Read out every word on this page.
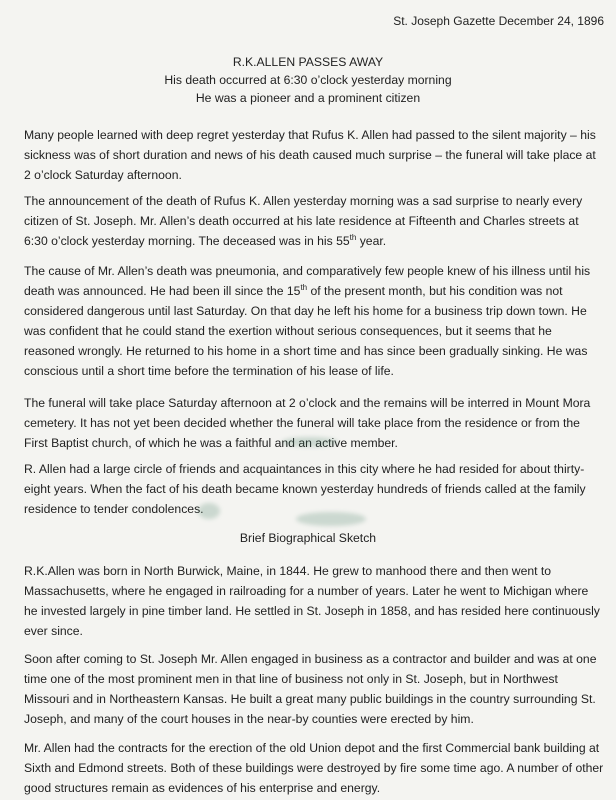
St. Joseph Gazette December 24, 1896
R.K.ALLEN PASSES AWAY
His death occurred at 6:30 o’clock yesterday morning
He was a pioneer and a prominent citizen

Many people learned with deep regret yesterday that Rufus K. Allen had passed to the silent majority – his sickness was of short duration and news of his death caused much surprise – the funeral will take place at 2 o’clock Saturday afternoon.

The announcement of the death of Rufus K. Allen yesterday morning was a sad surprise to nearly every citizen of St. Joseph. Mr. Allen’s death occurred at his late residence at Fifteenth and Charles streets at 6:30 o’clock yesterday morning. The deceased was in his 55th year.

The cause of Mr. Allen’s death was pneumonia, and comparatively few people knew of his illness until his death was announced. He had been ill since the 15th of the present month, but his condition was not considered dangerous until last Saturday. On that day he left his home for a business trip down town. He was confident that he could stand the exertion without serious consequences, but it seems that he reasoned wrongly. He returned to his home in a short time and has since been gradually sinking. He was conscious until a short time before the termination of his lease of life.

The funeral will take place Saturday afternoon at 2 o’clock and the remains will be interred in Mount Mora cemetery. It has not yet been decided whether the funeral will take place from the residence or from the First Baptist church, of which he was a faithful and an active member.

R. Allen had a large circle of friends and acquaintances in this city where he had resided for about thirty-eight years. When the fact of his death became known yesterday hundreds of friends called at the family residence to tender condolences.

Brief Biographical Sketch

R.K.Allen was born in North Burwick, Maine, in 1844. He grew to manhood there and then went to Massachusetts, where he engaged in railroading for a number of years. Later he went to Michigan where he invested largely in pine timber land. He settled in St. Joseph in 1858, and has resided here continuously ever since.

Soon after coming to St. Joseph Mr. Allen engaged in business as a contractor and builder and was at one time one of the most prominent men in that line of business not only in St. Joseph, but in Northwest Missouri and in Northeastern Kansas. He built a great many public buildings in the country surrounding St. Joseph, and many of the court houses in the near-by counties were erected by him.

Mr. Allen had the contracts for the erection of the old Union depot and the first Commercial bank building at Sixth and Edmond streets. Both of these buildings were destroyed by fire some time ago. A number of other good structures remain as evidences of his enterprise and energy.
